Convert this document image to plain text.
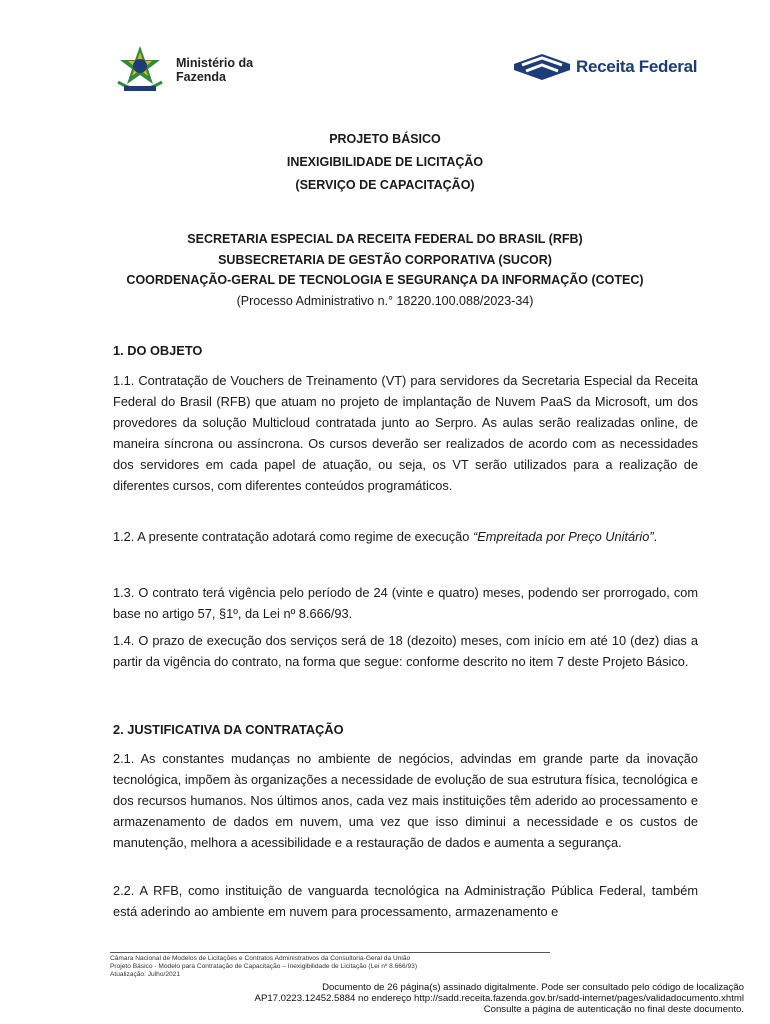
Ministério da
Fazenda
Receita Federal
PROJETO BÁSICO
INEXIGIBILIDADE DE LICITAÇÃO
(SERVIÇO DE CAPACITAÇÃO)
SECRETARIA ESPECIAL DA RECEITA FEDERAL DO BRASIL (RFB)
SUBSECRETARIA DE GESTÃO CORPORATIVA (SUCOR)
COORDENAÇÃO-GERAL DE TECNOLOGIA E SEGURANÇA DA INFORMAÇÃO (COTEC)
(Processo Administrativo n.° 18220.100.088/2023-34)
1. DO OBJETO
1.1. Contratação de Vouchers de Treinamento (VT) para servidores da Secretaria Especial da Receita Federal do Brasil (RFB) que atuam no projeto de implantação de Nuvem PaaS da Microsoft, um dos provedores da solução Multicloud contratada junto ao Serpro. As aulas serão realizadas online, de maneira síncrona ou assíncrona. Os cursos deverão ser realizados de acordo com as necessidades dos servidores em cada papel de atuação, ou seja, os VT serão utilizados para a realização de diferentes cursos, com diferentes conteúdos programáticos.
1.2. A presente contratação adotará como regime de execução “Empreitada por Preço Unitário”.
1.3. O contrato terá vigência pelo período de 24 (vinte e quatro) meses, podendo ser prorrogado, com base no artigo 57, §1º, da Lei nº 8.666/93.
1.4. O prazo de execução dos serviços será de 18 (dezoito) meses, com início em até 10 (dez) dias a partir da vigência do contrato, na forma que segue: conforme descrito no item 7 deste Projeto Básico.
2. JUSTIFICATIVA DA CONTRATAÇÃO
2.1. As constantes mudanças no ambiente de negócios, advindas em grande parte da inovação tecnológica, impõem às organizações a necessidade de evolução de sua estrutura física, tecnológica e dos recursos humanos. Nos últimos anos, cada vez mais instituições têm aderido ao processamento e armazenamento de dados em nuvem, uma vez que isso diminui a necessidade e os custos de manutenção, melhora a acessibilidade e a restauração de dados e aumenta a segurança.
2.2. A RFB, como instituição de vanguarda tecnológica na Administração Pública Federal, também está aderindo ao ambiente em nuvem para processamento, armazenamento e
Câmara Nacional de Modelos de Licitações e Contratos Administrativos da Consultoria-Geral da União
Projeto Básico - Modelo para Contratação de Capacitação – Inexigibilidade de Licitação (Lei nº 8.666/93)
Atualização: Julho/2021
Documento de 26 página(s) assinado digitalmente. Pode ser consultado pelo código de localização
AP17.0223.12452.5884 no endereço http://sadd.receita.fazenda.gov.br/sadd-internet/pages/validadocumento.xhtml
Consulte a página de autenticação no final deste documento.
